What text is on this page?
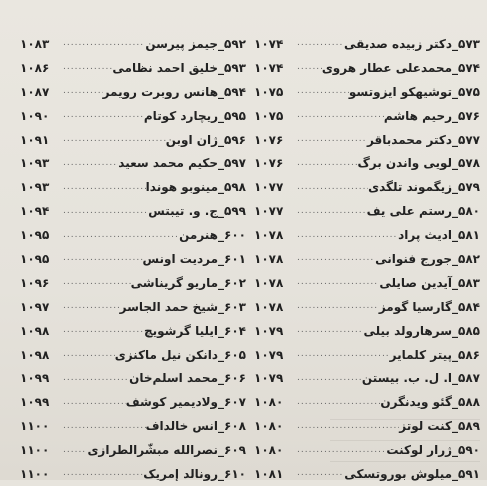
۱۰۸۳ .....	۵۹۲_جیمز پیرسن
۱۰۸۶ .....	۵۹۳_خلیق احمد نظامی
۱۰۸۷ .....	۵۹۴_هانس روبرت رویمر
۱۰۹۰ .....	۵۹۵_ریچارد کوتام
۱۰۹۱ .....	۵۹۶_ژان اوبن
۱۰۹۳ .....	۵۹۷_حکیم محمد سعید
۱۰۹۳ .....	۵۹۸_مینوبو هوندا
۱۰۹۴ .....	۵۹۹_ج. و. تیبتس
۱۰۹۵ .....	۶۰۰_هنرمن
۱۰۹۵ .....	۶۰۱_مردیت اونس
۱۰۹۶ .....	۶۰۲_ماریو گریناشی
۱۰۹۷ .....	۶۰۳_شیخ حمد الجاسر
۱۰۹۸ .....	۶۰۴_ایلیا گرشویچ
۱۰۹۸ .....	۶۰۵_دانکن نیل ماکنزی
۱۰۹۹ .....	۶۰۶_محمد اسلم‌خان
۱۰۹۹ .....	۶۰۷_ولادیمیر کوشف
۱۱۰۰ .....	۶۰۸_انس خالداف
۱۱۰۰ .....	۶۰۹_نصرالله مبشّرالطرازی
۱۱۰۰ .....	۶۱۰_رونالد إمریک
۱۰۷۴ .....	۵۷۳_دکتر زبیده صدیقی
۱۰۷۴ .....	۵۷۴_محمدعلی عطار هروی
۱۰۷۵ .....	۵۷۵_توشیهکو ایزوتسو
۱۰۷۵ .....	۵۷۶_رحیم هاشم
۱۰۷۶ .....	۵۷۷_دکتر محمدباقر
۱۰۷۶ .....	۵۷۸_لویی واندن برگ
۱۰۷۷ .....	۵۷۹_زیگموند تلگدی
۱۰۷۷ .....	۵۸۰_رستم علی یف
۱۰۷۸ .....	۵۸۱_ادیث پراد
۱۰۷۸ .....	۵۸۲_جورج فنوانی
۱۰۷۸ .....	۵۸۳_آیدین صایلی
۱۰۷۸ .....	۵۸۴_گارسیا گومز
۱۰۷۹ .....	۵۸۵_سرهارولد بیلی
۱۰۷۹ .....	۵۸۶_پیتر کلمایر
۱۰۷۹ .....	۵۸۷_ا. ل. ب. بیستن
۱۰۸۰ .....	۵۸۸_گئو ویدنگرن
۱۰۸۰ .....	۵۸۹_کنت لوتز
۱۰۸۰ .....	۵۹۰_ژرار لوکنت
۱۰۸۱ .....	۵۹۱_میلوش بوروتسکی
